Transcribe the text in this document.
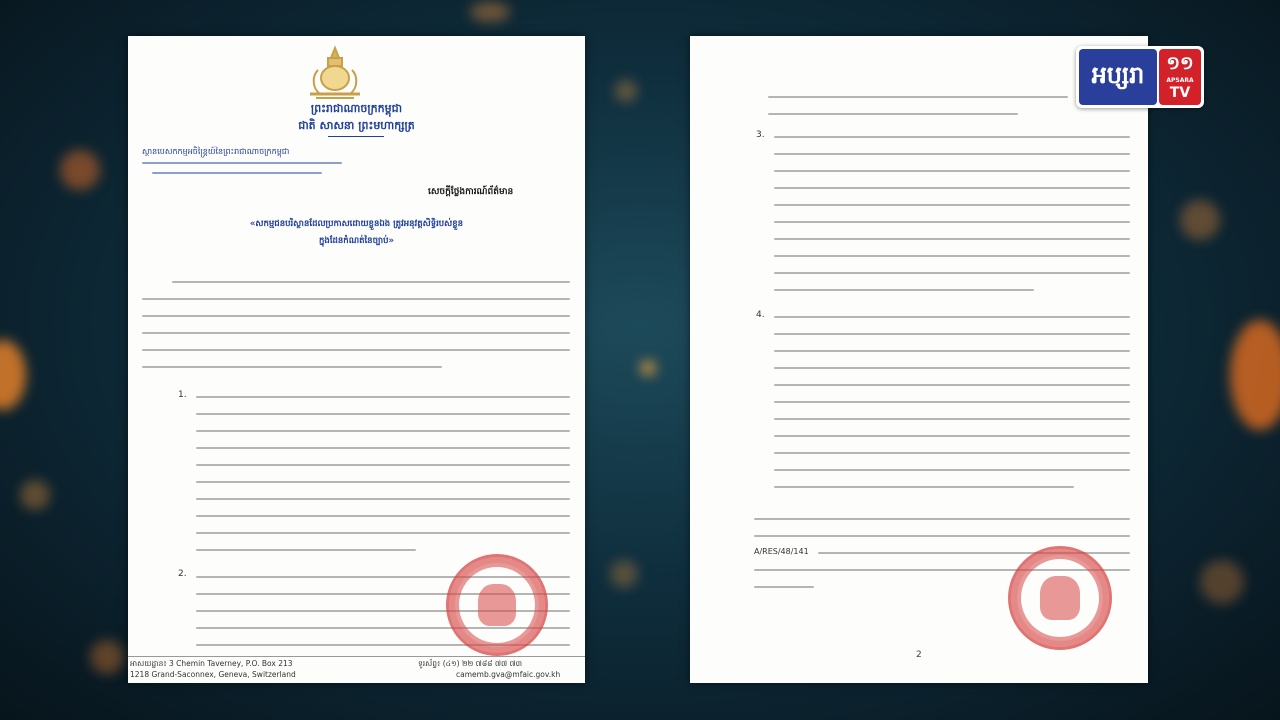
ព្រះរាជាណាចក្រកម្ពុជា
ជាតិ សាសនា ព្រះមហាក្សត្រ
ស្ថានបេសកកម្មអចិន្ត្រៃយ៍នៃព្រះរាជាណាចក្រកម្ពុជា
សេចក្តីថ្លែងការណ៍ព័ត៌មាន
«សកម្មជនបរិស្ថានដែលប្រកាសដោយខ្លួនឯង ត្រូវអនុវត្តសិទ្ធិរបស់ខ្លួន
ក្នុងដែនកំណត់នៃច្បាប់»
1.
2.
អាសយដ្ឋាន៖ 3 Chemin Taverney, P.O. Box 213
1218 Grand-Saconnex, Geneva, Switzerland
ទូរស័ព្ទ៖ (៤១) ២២ ៧៨៨ ៧៧ ៧៣
camemb.gva@mfaic.gov.kh
3.
4.
A/RES/48/141
2
អប្សរា	១១
APSARA
TV
